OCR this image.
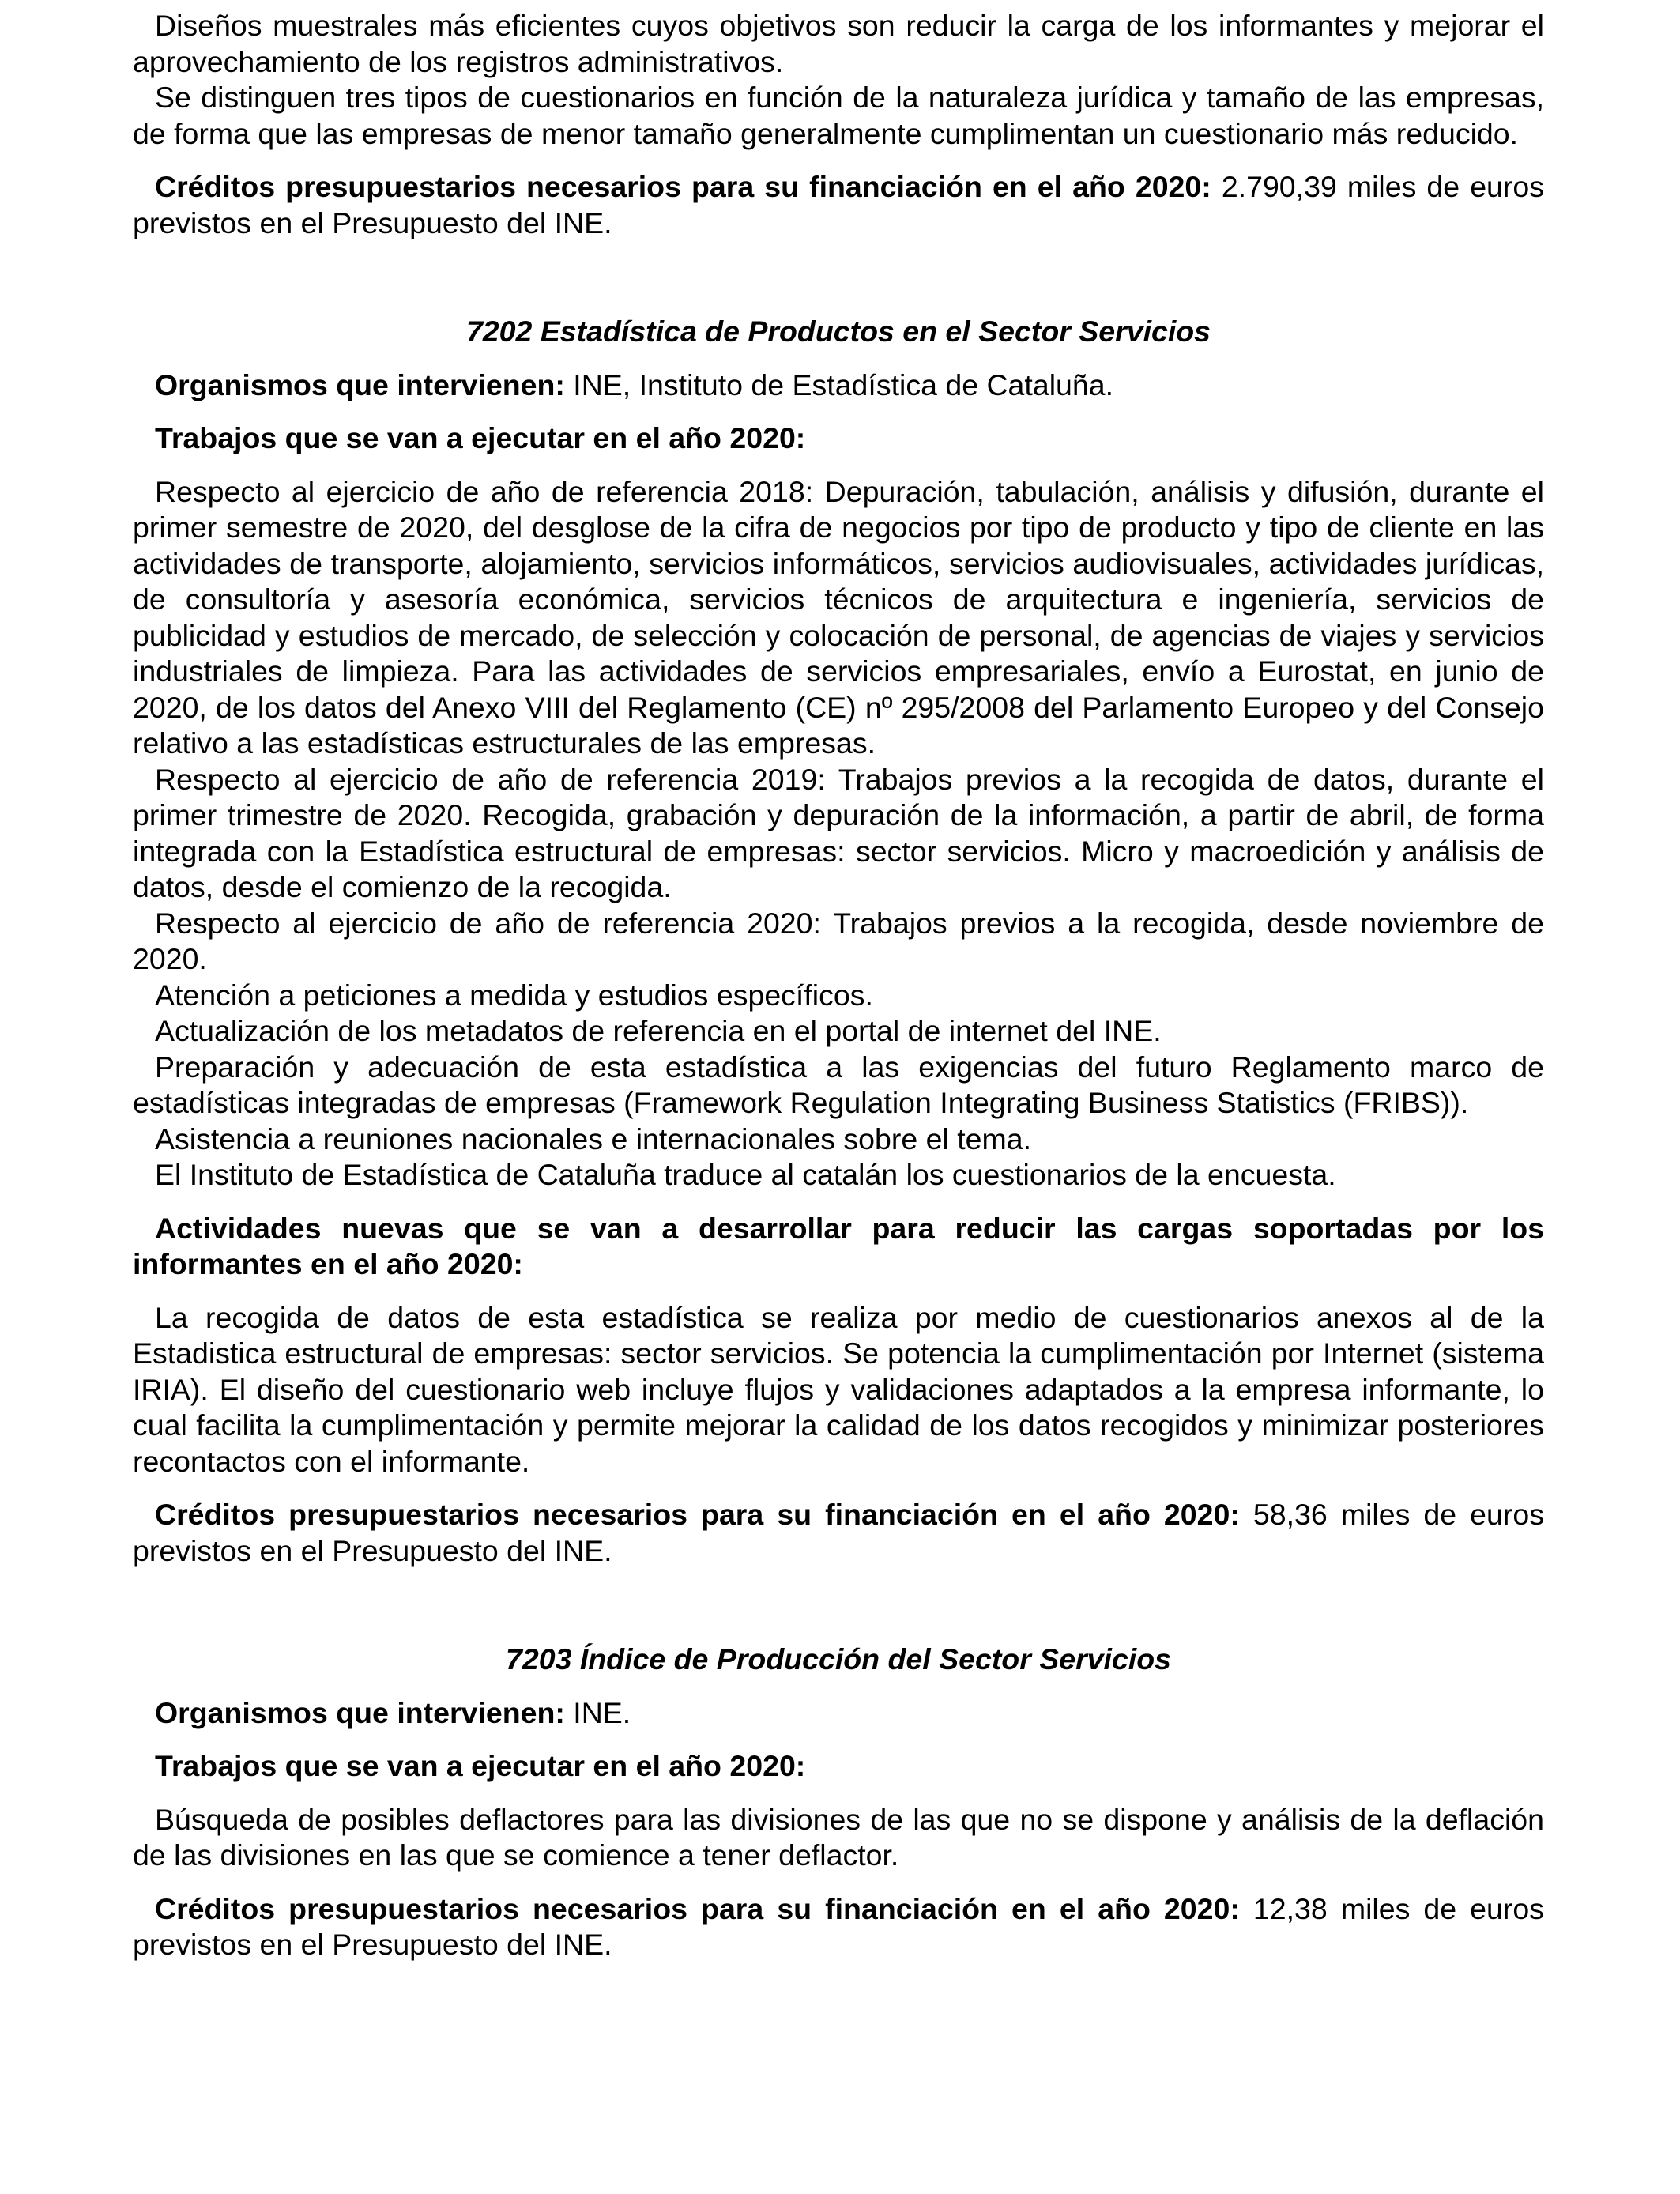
Diseños muestrales más eficientes cuyos objetivos son reducir la carga de los informantes y mejorar el aprovechamiento de los registros administrativos.

Se distinguen tres tipos de cuestionarios en función de la naturaleza jurídica y tamaño de las empresas, de forma que las empresas de menor tamaño generalmente cumplimentan un cuestionario más reducido.

Créditos presupuestarios necesarios para su financiación en el año 2020: 2.790,39 miles de euros previstos en el Presupuesto del INE.

7202 Estadística de Productos en el Sector Servicios

Organismos que intervienen: INE, Instituto de Estadística de Cataluña.

Trabajos que se van a ejecutar en el año 2020:

Respecto al ejercicio de año de referencia 2018: Depuración, tabulación, análisis y difusión, durante el primer semestre de 2020, del desglose de la cifra de negocios por tipo de producto y tipo de cliente en las actividades de transporte, alojamiento, servicios informáticos, servicios audiovisuales, actividades jurídicas, de consultoría y asesoría económica, servicios técnicos de arquitectura e ingeniería, servicios de publicidad y estudios de mercado, de selección y colocación de personal, de agencias de viajes y servicios industriales de limpieza. Para las actividades de servicios empresariales, envío a Eurostat, en junio de 2020, de los datos del Anexo VIII del Reglamento (CE) nº 295/2008 del Parlamento Europeo y del Consejo relativo a las estadísticas estructurales de las empresas.

Respecto al ejercicio de año de referencia 2019: Trabajos previos a la recogida de datos, durante el primer trimestre de 2020. Recogida, grabación y depuración de la información, a partir de abril, de forma integrada con la Estadística estructural de empresas: sector servicios. Micro y macroedición y análisis de datos, desde el comienzo de la recogida.

Respecto al ejercicio de año de referencia 2020: Trabajos previos a la recogida, desde noviembre de 2020.

Atención a peticiones a medida y estudios específicos.

Actualización de los metadatos de referencia en el portal de internet del INE.

Preparación y adecuación de esta estadística a las exigencias del futuro Reglamento marco de estadísticas integradas de empresas (Framework Regulation Integrating Business Statistics (FRIBS)).

Asistencia a reuniones nacionales e internacionales sobre el tema.

El Instituto de Estadística de Cataluña traduce al catalán los cuestionarios de la encuesta.

Actividades nuevas que se van a desarrollar para reducir las cargas soportadas por los informantes en el año 2020:

La recogida de datos de esta estadística se realiza por medio de cuestionarios anexos al de la Estadistica estructural de empresas: sector servicios. Se potencia la cumplimentación por Internet (sistema IRIA). El diseño del cuestionario web incluye flujos y validaciones adaptados a la empresa informante, lo cual facilita la cumplimentación y permite mejorar la calidad de los datos recogidos y minimizar posteriores recontactos con el informante.

Créditos presupuestarios necesarios para su financiación en el año 2020: 58,36 miles de euros previstos en el Presupuesto del INE.

7203 Índice de Producción del Sector Servicios

Organismos que intervienen: INE.

Trabajos que se van a ejecutar en el año 2020:

Búsqueda de posibles deflactores para las divisiones de las que no se dispone y análisis de la deflación de las divisiones en las que se comience a tener deflactor.

Créditos presupuestarios necesarios para su financiación en el año 2020: 12,38 miles de euros previstos en el Presupuesto del INE.
